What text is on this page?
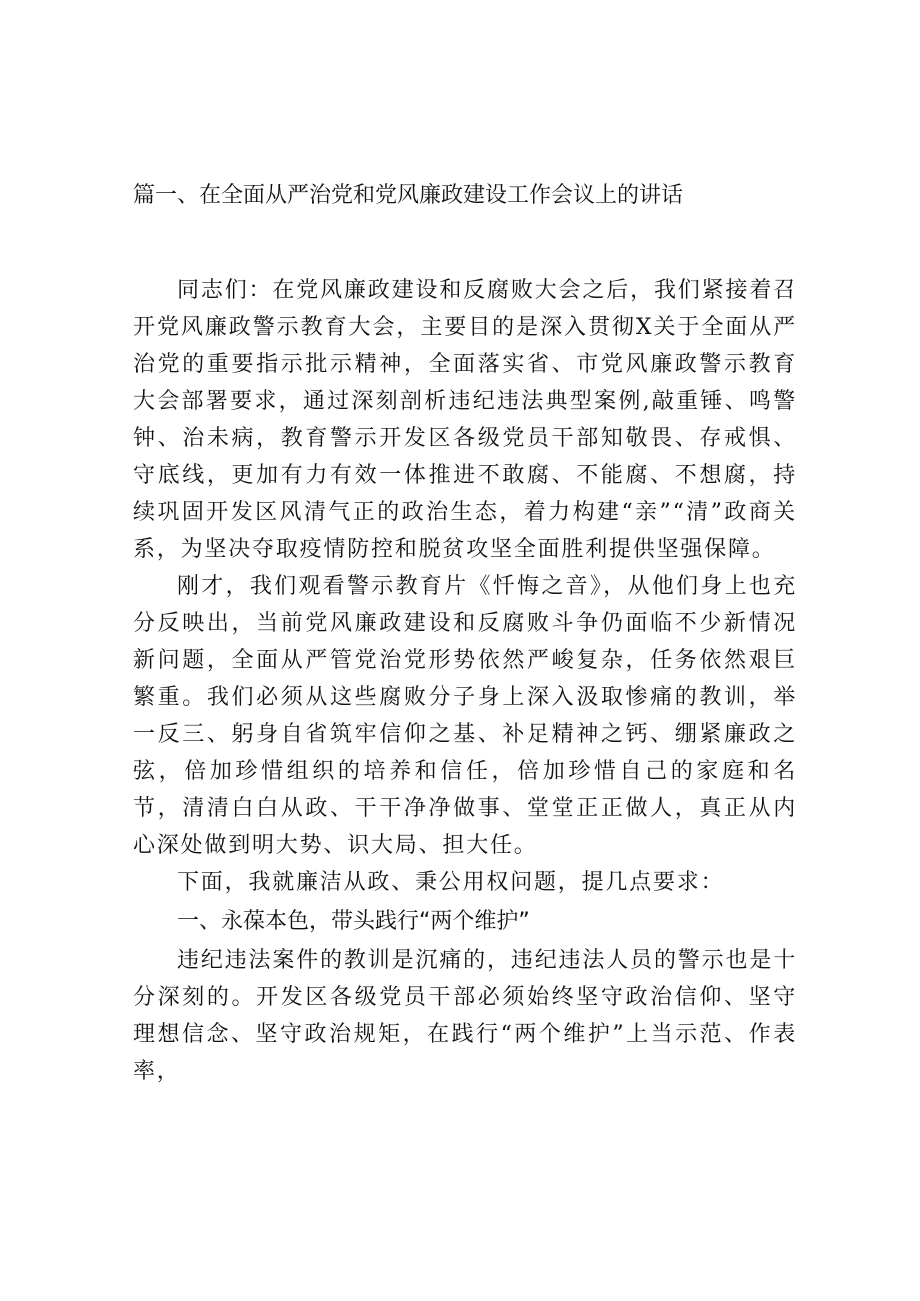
篇一、在全面从严治党和党风廉政建设工作会议上的讲话

同志们：在党风廉政建设和反腐败大会之后，我们紧接着召开党风廉政警示教育大会，主要目的是深入贯彻X关于全面从严治党的重要指示批示精神，全面落实省、市党风廉政警示教育大会部署要求，通过深刻剖析违纪违法典型案例,敲重锤、鸣警钟、治未病，教育警示开发区各级党员干部知敬畏、存戒惧、守底线，更加有力有效一体推进不敢腐、不能腐、不想腐，持续巩固开发区风清气正的政治生态，着力构建“亲”“清”政商关系，为坚决夺取疫情防控和脱贫攻坚全面胜利提供坚强保障。

刚才，我们观看警示教育片《忏悔之音》，从他们身上也充分反映出，当前党风廉政建设和反腐败斗争仍面临不少新情况新问题，全面从严管党治党形势依然严峻复杂，任务依然艰巨繁重。我们必须从这些腐败分子身上深入汲取惨痛的教训，举一反三、躬身自省筑牢信仰之基、补足精神之钙、绷紧廉政之弦，倍加珍惜组织的培养和信任，倍加珍惜自己的家庭和名节，清清白白从政、干干净净做事、堂堂正正做人，真正从内心深处做到明大势、识大局、担大任。

下面，我就廉洁从政、秉公用权问题，提几点要求：

一、永葆本色，带头践行“两个维护”

违纪违法案件的教训是沉痛的，违纪违法人员的警示也是十分深刻的。开发区各级党员干部必须始终坚守政治信仰、坚守理想信念、坚守政治规矩，在践行“两个维护”上当示范、作表率，
